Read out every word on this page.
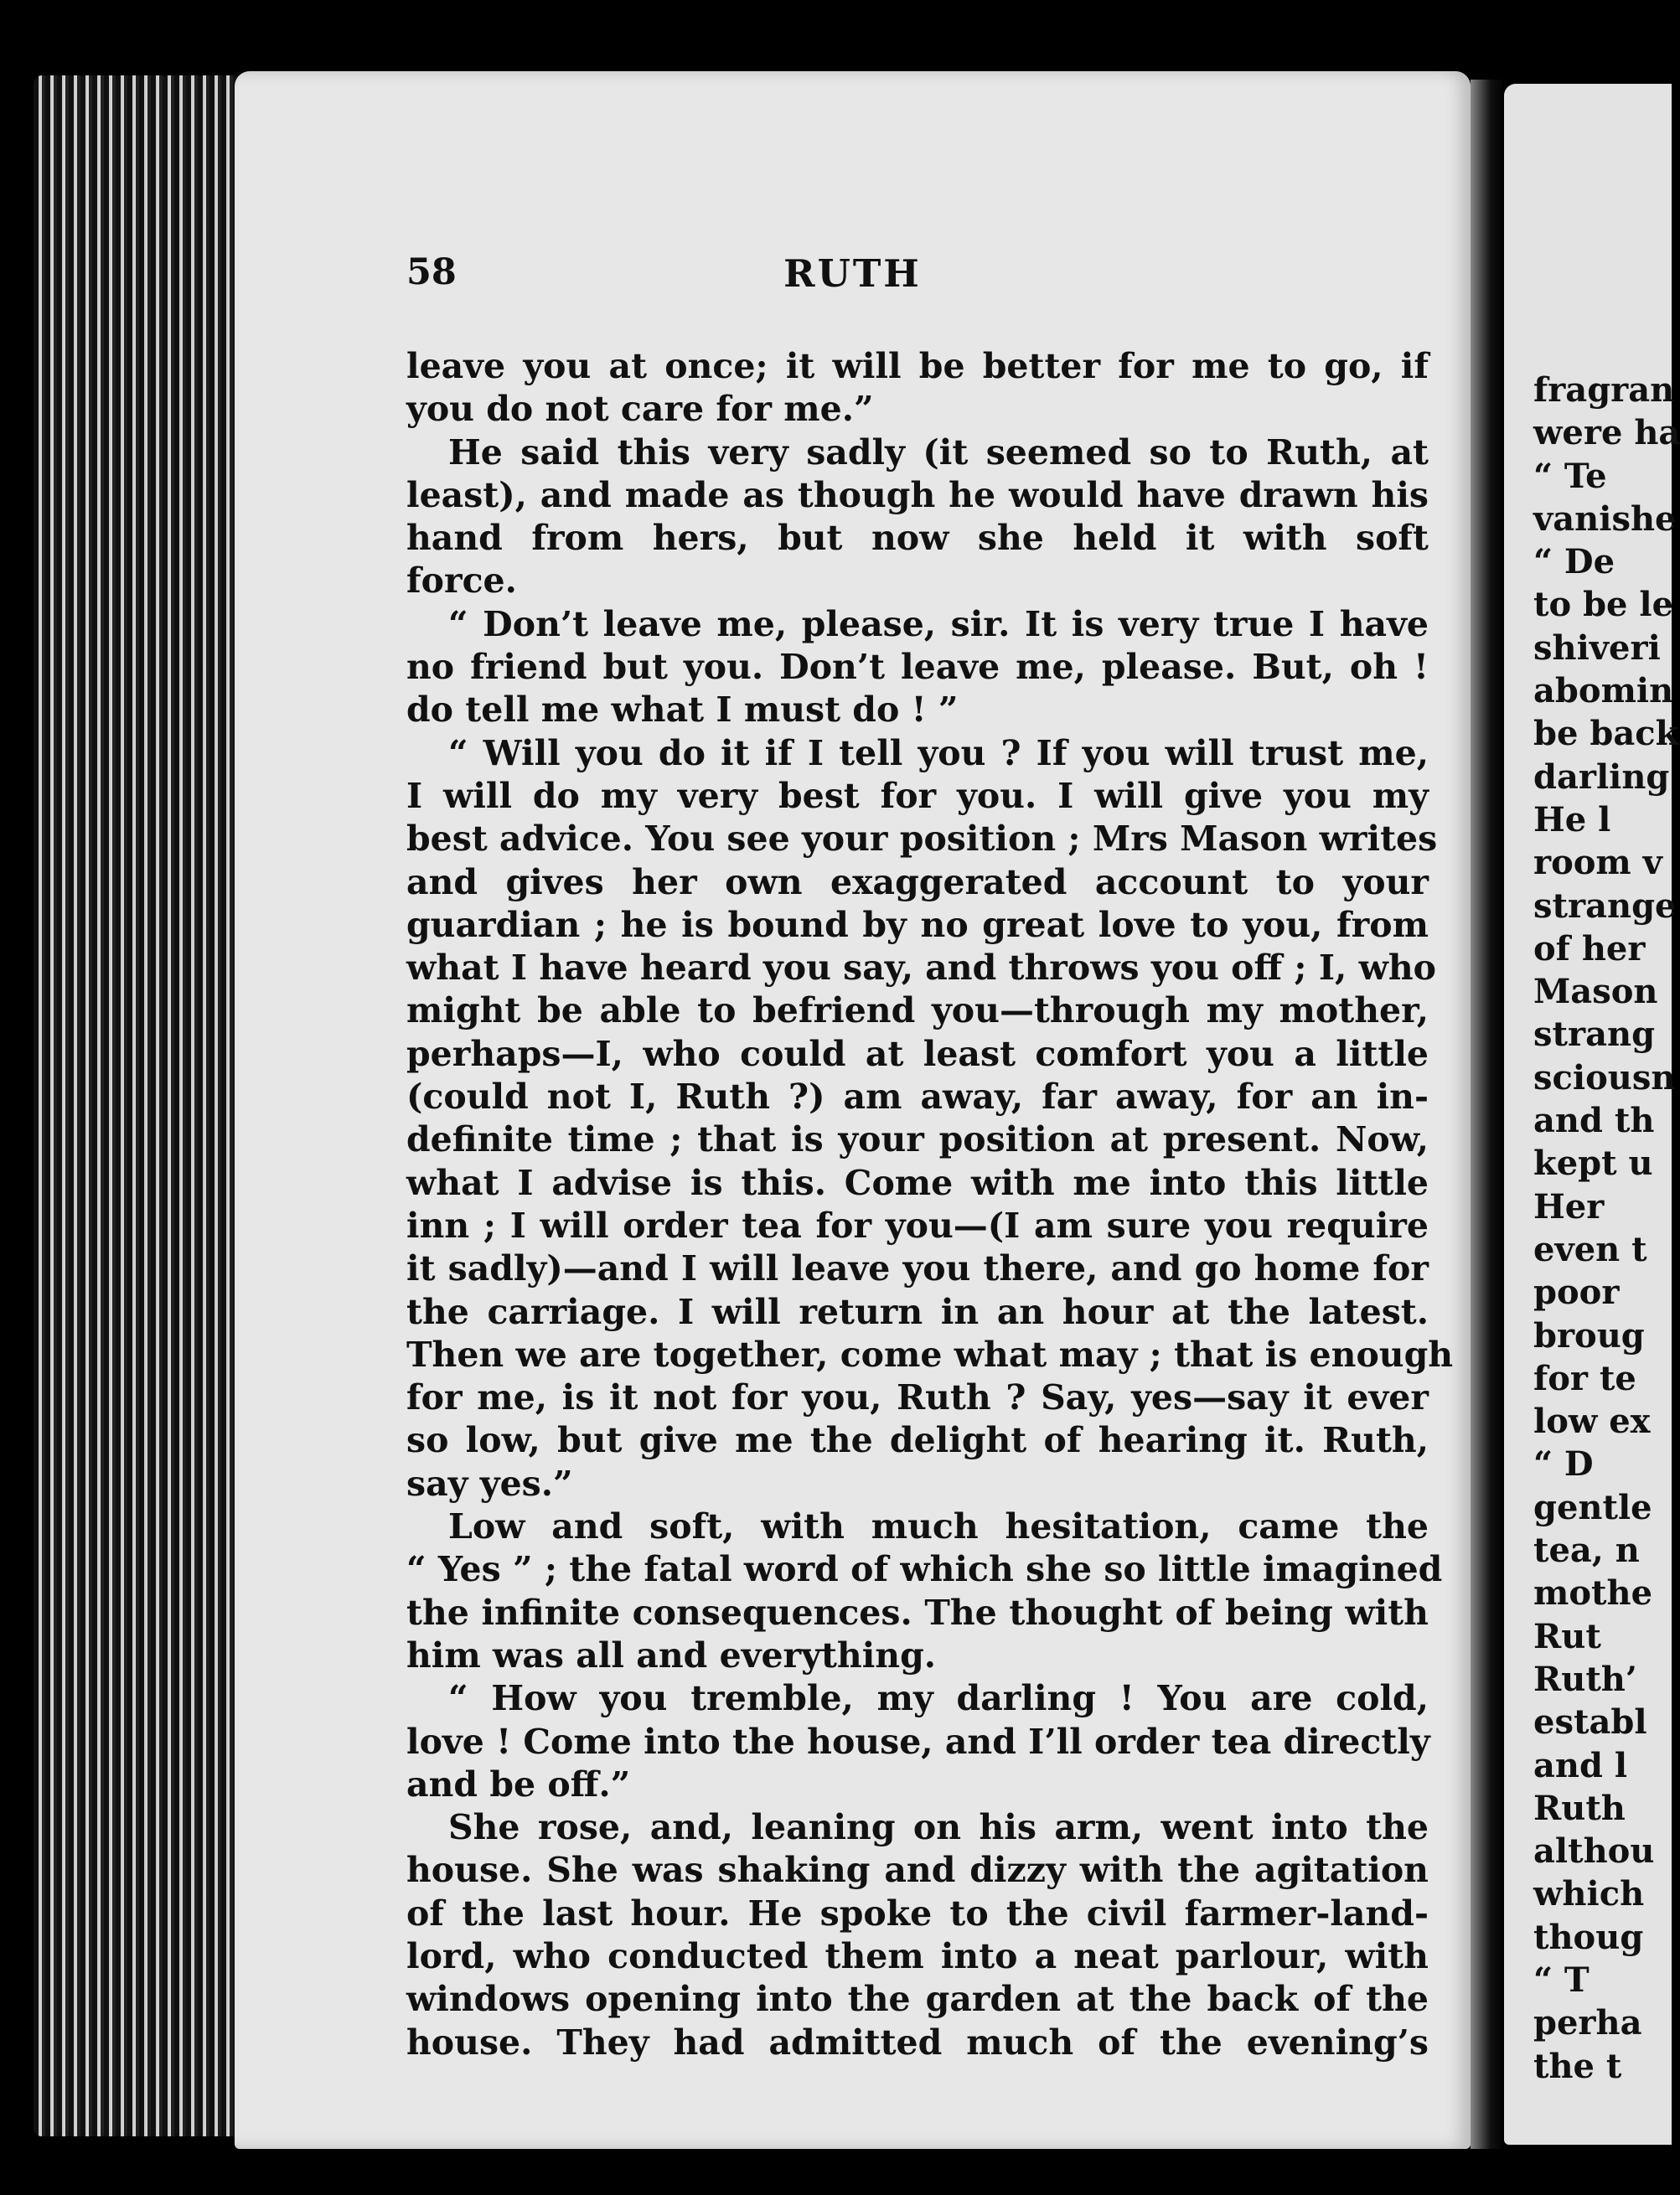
58	RUTH
leave you at once; it will be better for me to go, if
you do not care for me.”
He said this very sadly (it seemed so to Ruth, at
least), and made as though he would have drawn his
hand from hers, but now she held it with soft
force.
“ Don’t leave me, please, sir. It is very true I have
no friend but you. Don’t leave me, please. But, oh !
do tell me what I must do ! ”
“ Will you do it if I tell you ? If you will trust me,
I will do my very best for you. I will give you my
best advice. You see your position ; Mrs Mason writes
and gives her own exaggerated account to your
guardian ; he is bound by no great love to you, from
what I have heard you say, and throws you off ; I, who
might be able to befriend you—through my mother,
perhaps—I, who could at least comfort you a little
(could not I, Ruth ?) am away, far away, for an in-
definite time ; that is your position at present. Now,
what I advise is this. Come with me into this little
inn ; I will order tea for you—(I am sure you require
it sadly)—and I will leave you there, and go home for
the carriage. I will return in an hour at the latest.
Then we are together, come what may ; that is enough
for me, is it not for you, Ruth ? Say, yes—say it ever
so low, but give me the delight of hearing it. Ruth,
say yes.”
Low and soft, with much hesitation, came the
“ Yes ” ; the fatal word of which she so little imagined
the infinite consequences. The thought of being with
him was all and everything.
“ How you tremble, my darling ! You are cold,
love ! Come into the house, and I’ll order tea directly
and be off.”
She rose, and, leaning on his arm, went into the
house. She was shaking and dizzy with the agitation
of the last hour. He spoke to the civil farmer-land-
lord, who conducted them into a neat parlour, with
windows opening into the garden at the back of the
house. They had admitted much of the evening’s
fragran
were ha
“ Te
vanishe
“ De
to be le
shiveri
abomin
be back
darling
He l
room v
strange
of her
Mason
strang
sciousn
and th
kept u
Her
even t
poor
broug
for te
low ex
“ D
gentle
tea, n
mothe
Rut
Ruth’
establ
and l
Ruth
althou
which
thoug
“ T
perha
the t
